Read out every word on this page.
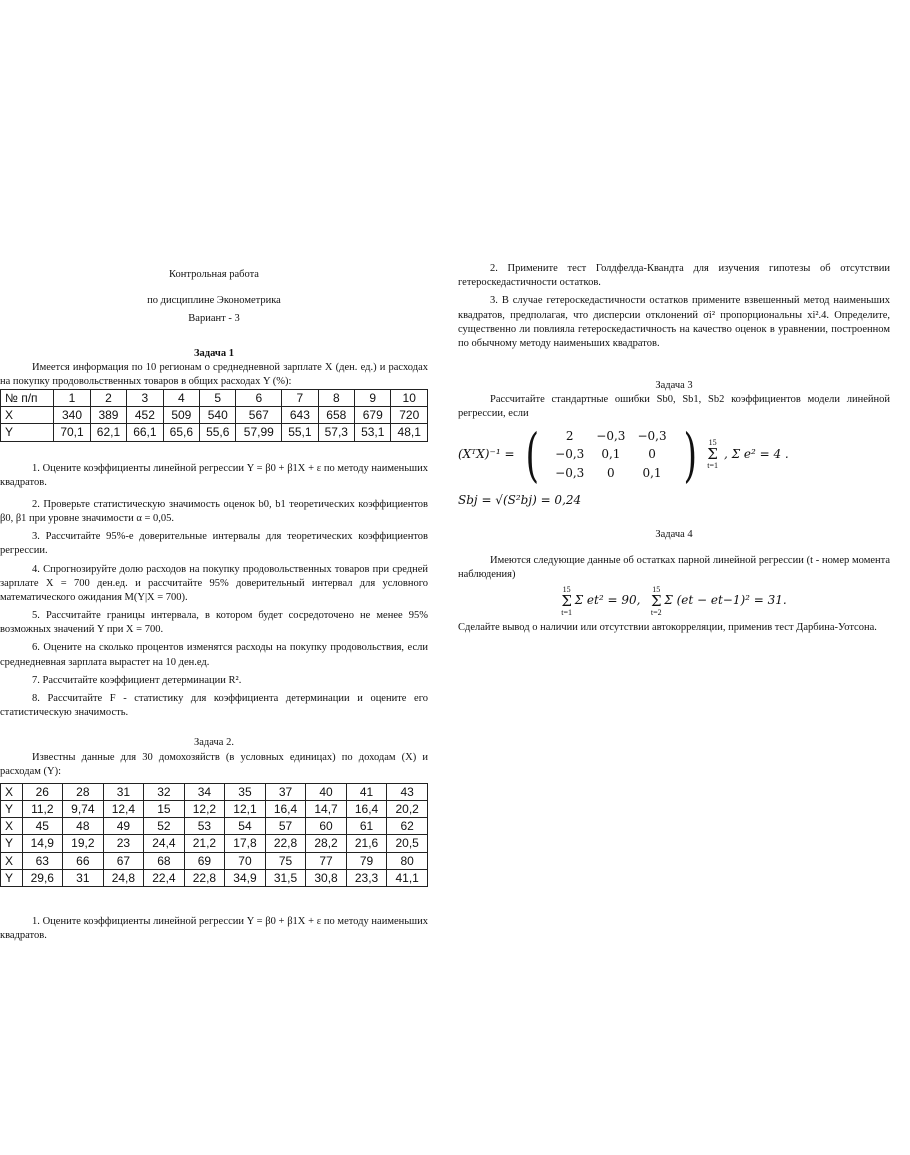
Контрольная работа

по дисциплине Эконометрика

Вариант - 3

Задача 1

Имеется информация по 10 регионам о среднедневной зарплате X (ден. ед.) и расходах на покупку продовольственных товаров в общих расходах Y (%):

№ п/п	1	2	3	4	5	6	7	8	9	10
X	340	389	452	509	540	567	643	658	679	720
Y	70,1	62,1	66,1	65,6	55,6	57,99	55,1	57,3	53,1	48,1

1. Оцените коэффициенты линейной регрессии Y = β0 + β1X + ε по методу наименьших квадратов.

2. Проверьте статистическую значимость оценок b0, b1 теоретических коэффициентов β0, β1 при уровне значимости α = 0,05.

3. Рассчитайте 95%-е доверительные интервалы для теоретических коэффициентов регрессии.

4. Спрогнозируйте долю расходов на покупку продовольственных товаров при средней зарплате X = 700 ден.ед. и рассчитайте 95% доверительный интервал для условного математического ожидания M(Y|X = 700).

5. Рассчитайте границы интервала, в котором будет сосредоточено не менее 95% возможных значений Y при X = 700.

6. Оцените на сколько процентов изменятся расходы на покупку продовольствия, если среднедневная зарплата вырастет на 10 ден.ед.

7. Рассчитайте коэффициент детерминации R².

8. Рассчитайте F - статистику для коэффициента детерминации и оцените его статистическую значимость.

Задача 2.

Известны данные для 30 домохозяйств (в условных единицах) по доходам (X) и расходам (Y):

X	26	28	31	32	34	35	37	40	41	43
Y	11,2	9,74	12,4	15	12,2	12,1	16,4	14,7	16,4	20,2
X	45	48	49	52	53	54	57	60	61	62
Y	14,9	19,2	23	24,4	21,2	17,8	22,8	28,2	21,6	20,5
X	63	66	67	68	69	70	75	77	79	80
Y	29,6	31	24,8	22,4	22,8	34,9	31,5	30,8	23,3	41,1

1. Оцените коэффициенты линейной регрессии Y = β0 + β1X + ε по методу наименьших квадратов.

2. Примените тест Голдфелда-Квандта для изучения гипотезы об отсутствии гетероскедастичности остатков.

3. В случае гетероскедастичности остатков примените взвешенный метод наименьших квадратов, предполагая, что дисперсии отклонений σi² пропорциональны xi².4. Определите, существенно ли повлияла гетероскедастичность на качество оценок в уравнении, построенном по обычному методу наименьших квадратов.

Задача 3

Рассчитайте стандартные ошибки Sb0, Sb1, Sb2 коэффициентов модели линейной регрессии, если

(XᵀX)⁻¹ = ( 2	−0,3	−0,3
−0,3	0,1	0
−0,3	0	0,1 ) 15
Σ
t=1
, Σ e² = 4 .

Sbj = √(S²bj) = 0,24

Задача 4

Имеются следующие данные об остатках парной линейной регрессии (t - номер момента наблюдения)

15
Σ
t=1 Σ et² = 90,    15
Σ
t=2 Σ (et − et−1)² = 31.

Сделайте вывод о наличии или отсутствии автокорреляции, применив тест Дарбина-Уотсона.
